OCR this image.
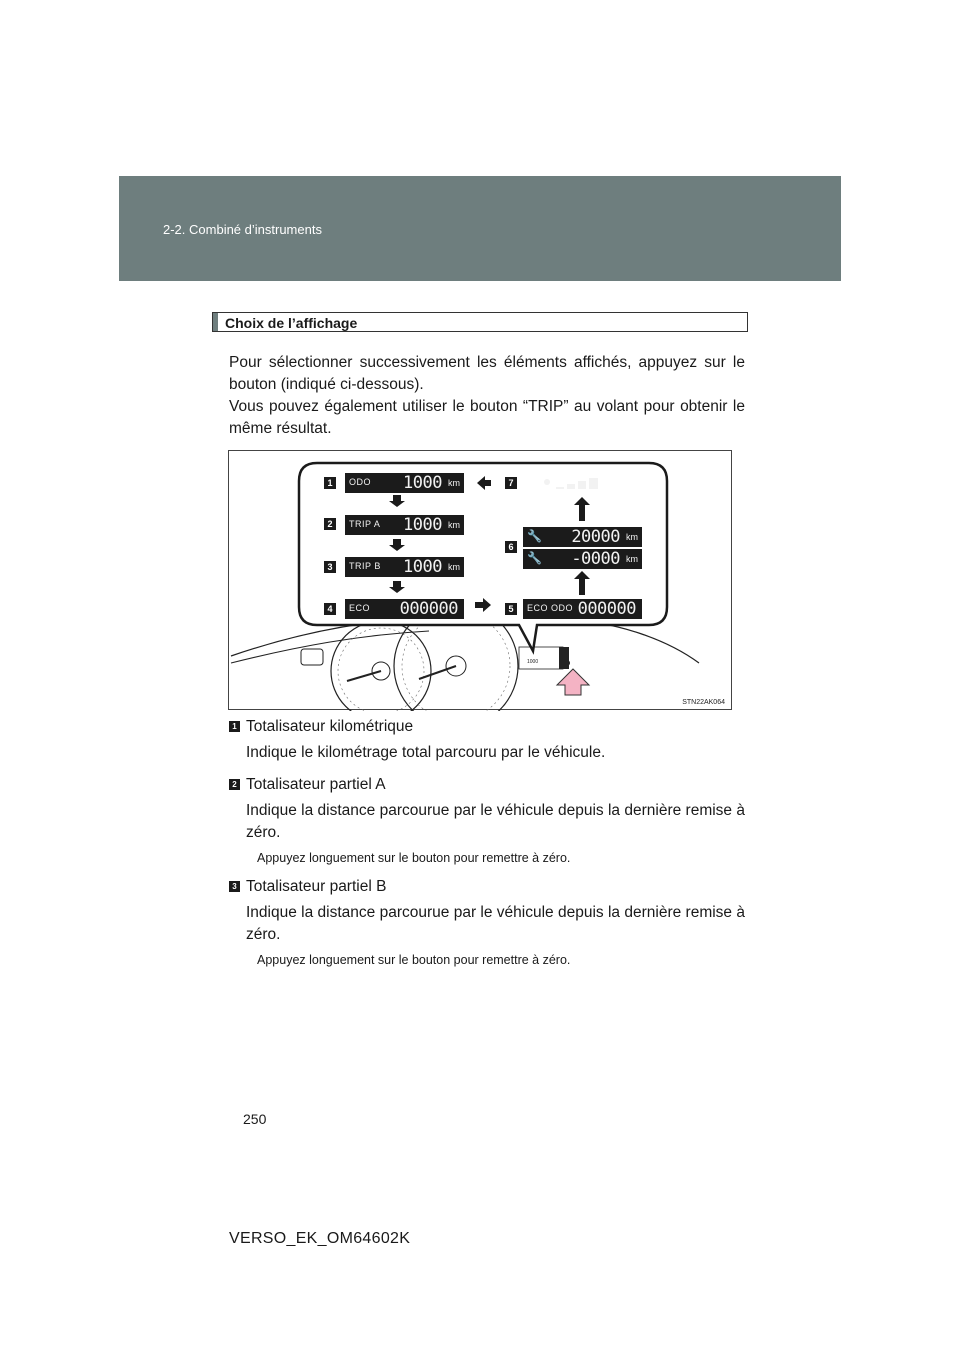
2-2. Combiné d’instruments
Choix de l’affichage

Pour sélectionner successivement les éléments affichés, appuyez sur le bouton (indiqué ci-dessous).

Vous pouvez également utiliser le bouton “TRIP” au volant pour obtenir le même résultat.

1
2
3
4	5
6
7
ODO 1000 km
TRIP A 1000 km
TRIP B 1000 km
ECO 000000	ECO ODO 000000
🔧 20000 km
🔧 -0000 km
1000
STN22AK064
1 Totalisateur kilométrique
Indique le kilométrage total parcouru par le véhicule.
2 Totalisateur partiel A
Indique la distance parcourue par le véhicule depuis la dernière remise à zéro.
Appuyez longuement sur le bouton pour remettre à zéro.
3 Totalisateur partiel B
Indique la distance parcourue par le véhicule depuis la dernière remise à zéro.
Appuyez longuement sur le bouton pour remettre à zéro.
250
VERSO_EK_OM64602K
